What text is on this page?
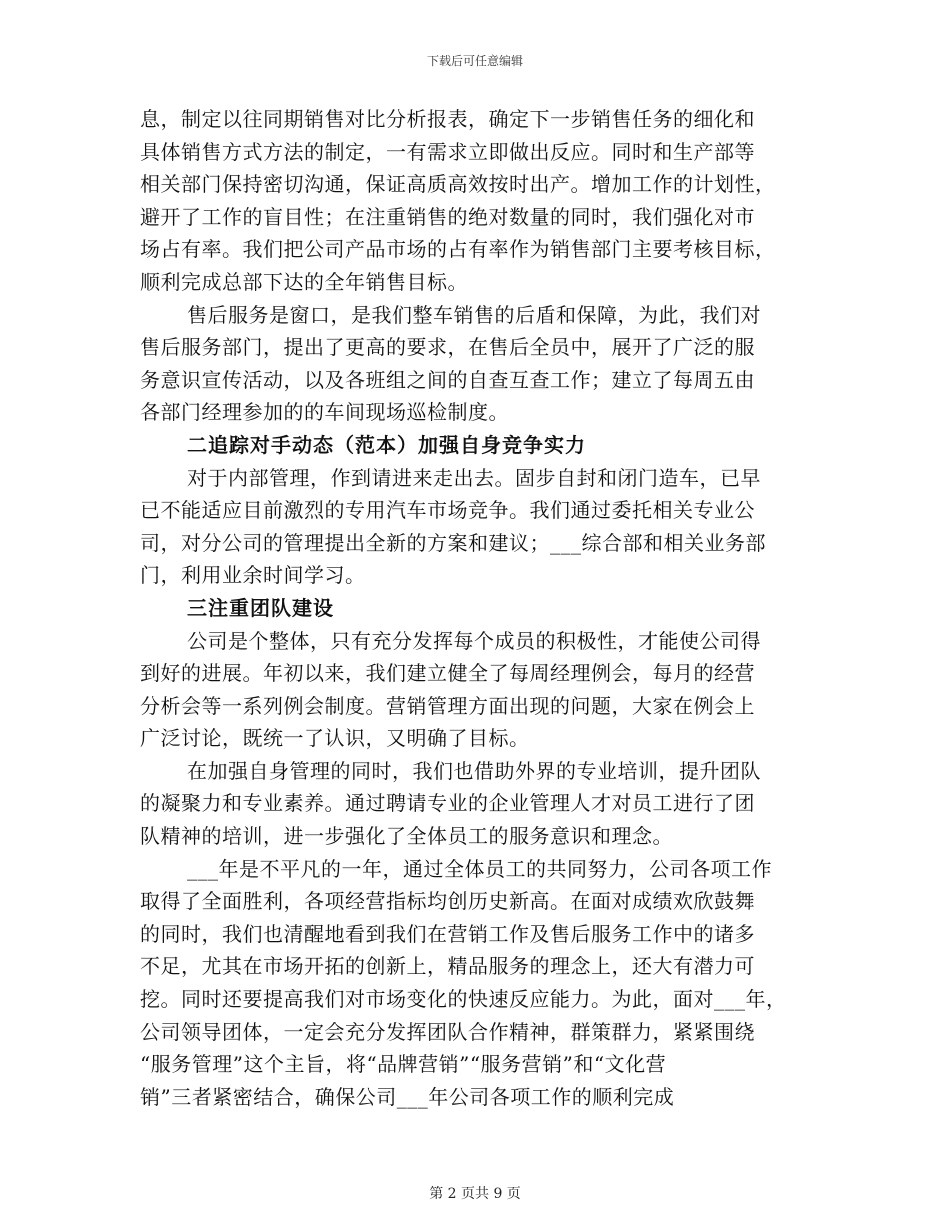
下载后可任意编辑
息，制定以往同期销售对比分析报表，确定下一步销售任务的细化和
具体销售方式方法的制定，一有需求立即做出反应。同时和生产部等
相关部门保持密切沟通，保证高质高效按时出产。增加工作的计划性，
避开了工作的盲目性；在注重销售的绝对数量的同时，我们强化对市
场占有率。我们把公司产品市场的占有率作为销售部门主要考核目标，
顺利完成总部下达的全年销售目标。
售后服务是窗口，是我们整车销售的后盾和保障，为此，我们对
售后服务部门，提出了更高的要求，在售后全员中，展开了广泛的服
务意识宣传活动，以及各班组之间的自查互查工作；建立了每周五由
各部门经理参加的的车间现场巡检制度。
二追踪对手动态（范本）加强自身竞争实力
对于内部管理，作到请进来走出去。固步自封和闭门造车，已早
已不能适应目前激烈的专用汽车市场竞争。我们通过委托相关专业公
司，对分公司的管理提出全新的方案和建议；___综合部和相关业务部
门，利用业余时间学习。
三注重团队建设
公司是个整体，只有充分发挥每个成员的积极性，才能使公司得
到好的进展。年初以来，我们建立健全了每周经理例会，每月的经营
分析会等一系列例会制度。营销管理方面出现的问题，大家在例会上
广泛讨论，既统一了认识，又明确了目标。
在加强自身管理的同时，我们也借助外界的专业培训，提升团队
的凝聚力和专业素养。通过聘请专业的企业管理人才对员工进行了团
队精神的培训，进一步强化了全体员工的服务意识和理念。
___年是不平凡的一年，通过全体员工的共同努力，公司各项工作
取得了全面胜利，各项经营指标均创历史新高。在面对成绩欢欣鼓舞
的同时，我们也清醒地看到我们在营销工作及售后服务工作中的诸多
不足，尤其在市场开拓的创新上，精品服务的理念上，还大有潜力可
挖。同时还要提高我们对市场变化的快速反应能力。为此，面对___年，
公司领导团体，一定会充分发挥团队合作精神，群策群力，紧紧围绕
“服务管理”这个主旨，将“品牌营销”“服务营销”和“文化营
销”三者紧密结合，确保公司___年公司各项工作的顺利完成
第 2 页共 9 页
